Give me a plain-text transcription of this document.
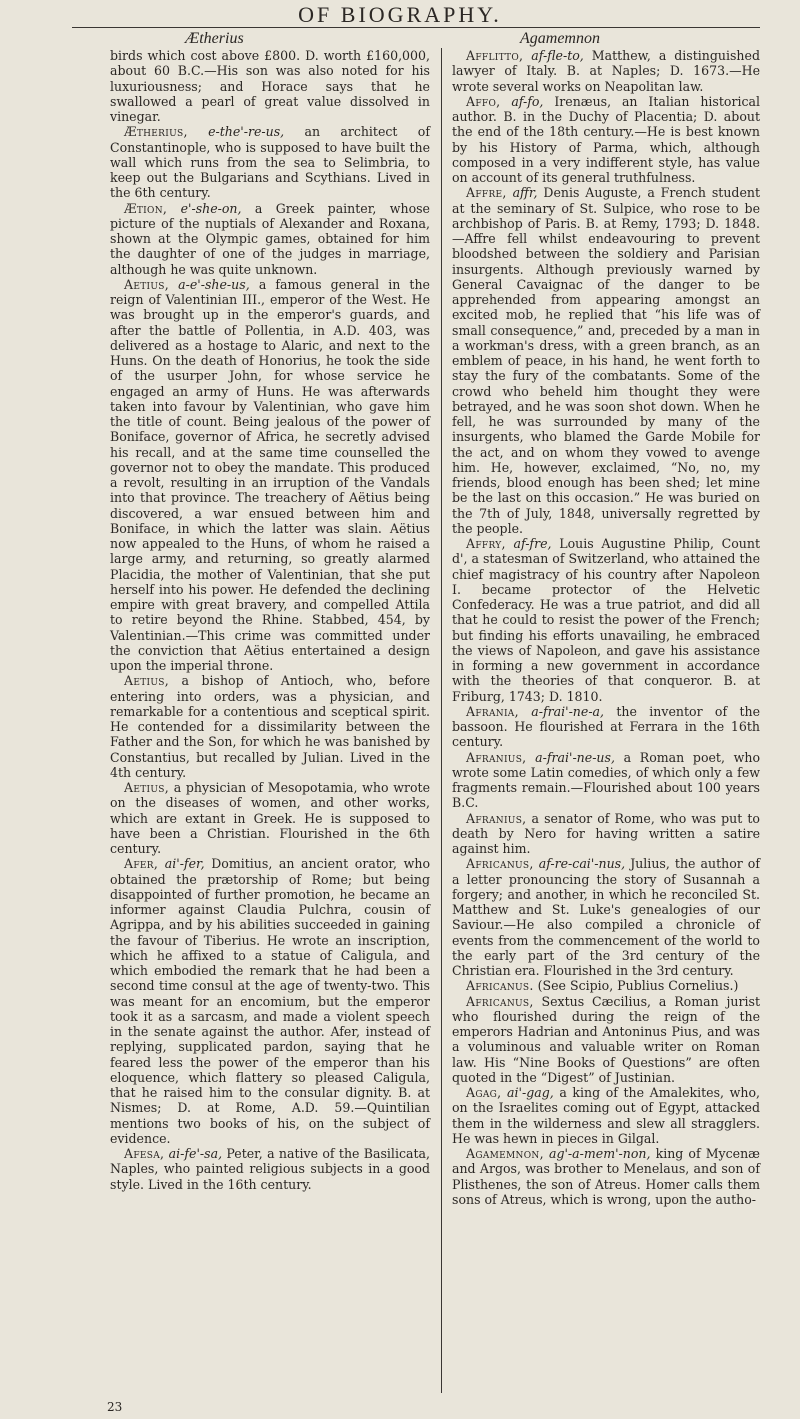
OF BIOGRAPHY.
Ætherius	Agamemnon

birds which cost above £800. D. worth £160,000, about 60 B.C.—His son was also noted for his luxuriousness; and Horace says that he swallowed a pearl of great value dissolved in vinegar.

Ætherius, e-the'-re-us, an architect of Constantinople, who is supposed to have built the wall which runs from the sea to Selimbria, to keep out the Bulgarians and Scythians. Lived in the 6th century.

Ætion, e'-she-on, a Greek painter, whose picture of the nuptials of Alexander and Roxana, shown at the Olympic games, obtained for him the daughter of one of the judges in marriage, although he was quite unknown.

Aetius, a-e'-she-us, a famous general in the reign of Valentinian III., emperor of the West. He was brought up in the emperor's guards, and after the battle of Pollentia, in A.D. 403, was delivered as a hostage to Alaric, and next to the Huns. On the death of Honorius, he took the side of the usurper John, for whose service he engaged an army of Huns. He was afterwards taken into favour by Valentinian, who gave him the title of count. Being jealous of the power of Boniface, governor of Africa, he secretly advised his recall, and at the same time counselled the governor not to obey the mandate. This produced a revolt, resulting in an irruption of the Vandals into that province. The treachery of Aëtius being discovered, a war ensued between him and Boniface, in which the latter was slain. Aëtius now appealed to the Huns, of whom he raised a large army, and returning, so greatly alarmed Placidia, the mother of Valentinian, that she put herself into his power. He defended the declining empire with great bravery, and compelled Attila to retire beyond the Rhine. Stabbed, 454, by Valentinian.—This crime was committed under the conviction that Aëtius entertained a design upon the imperial throne.

Aetius, a bishop of Antioch, who, before entering into orders, was a physician, and remarkable for a contentious and sceptical spirit. He contended for a dissimilarity between the Father and the Son, for which he was banished by Constantius, but recalled by Julian. Lived in the 4th century.

Aetius, a physician of Mesopotamia, who wrote on the diseases of women, and other works, which are extant in Greek. He is supposed to have been a Christian. Flourished in the 6th century.

Afer, ai'-fer, Domitius, an ancient orator, who obtained the prætorship of Rome; but being disappointed of further promotion, he became an informer against Claudia Pulchra, cousin of Agrippa, and by his abilities succeeded in gaining the favour of Tiberius. He wrote an inscription, which he affixed to a statue of Caligula, and which embodied the remark that he had been a second time consul at the age of twenty-two. This was meant for an encomium, but the emperor took it as a sarcasm, and made a violent speech in the senate against the author. Afer, instead of replying, supplicated pardon, saying that he feared less the power of the emperor than his eloquence, which flattery so pleased Caligula, that he raised him to the consular dignity. B. at Nismes; D. at Rome, A.D. 59.—Quintilian mentions two books of his, on the subject of evidence.

Afesa, ai-fe'-sa, Peter, a native of the Basilicata, Naples, who painted religious subjects in a good style. Lived in the 16th century.

Afflitto, af-fle-to, Matthew, a distinguished lawyer of Italy. B. at Naples; D. 1673.—He wrote several works on Neapolitan law.

Affo, af-fo, Irenæus, an Italian historical author. B. in the Duchy of Placentia; D. about the end of the 18th century.—He is best known by his History of Parma, which, although composed in a very indifferent style, has value on account of its general truthfulness.

Affre, affr, Denis Auguste, a French student at the seminary of St. Sulpice, who rose to be archbishop of Paris. B. at Remy, 1793; D. 1848.—Affre fell whilst endeavouring to prevent bloodshed between the soldiery and Parisian insurgents. Although previously warned by General Cavaignac of the danger to be apprehended from appearing amongst an excited mob, he replied that “his life was of small consequence,” and, preceded by a man in a workman's dress, with a green branch, as an emblem of peace, in his hand, he went forth to stay the fury of the combatants. Some of the crowd who beheld him thought they were betrayed, and he was soon shot down. When he fell, he was surrounded by many of the insurgents, who blamed the Garde Mobile for the act, and on whom they vowed to avenge him. He, however, exclaimed, “No, no, my friends, blood enough has been shed; let mine be the last on this occasion.” He was buried on the 7th of July, 1848, universally regretted by the people.

Affry, af-fre, Louis Augustine Philip, Count d', a statesman of Switzerland, who attained the chief magistracy of his country after Napoleon I. became protector of the Helvetic Confederacy. He was a true patriot, and did all that he could to resist the power of the French; but finding his efforts unavailing, he embraced the views of Napoleon, and gave his assistance in forming a new government in accordance with the theories of that conqueror. B. at Friburg, 1743; D. 1810.

Afrania, a-frai'-ne-a, the inventor of the bassoon. He flourished at Ferrara in the 16th century.

Afranius, a-frai'-ne-us, a Roman poet, who wrote some Latin comedies, of which only a few fragments remain.—Flourished about 100 years B.C.

Afranius, a senator of Rome, who was put to death by Nero for having written a satire against him.

Africanus, af-re-cai'-nus, Julius, the author of a letter pronouncing the story of Susannah a forgery; and another, in which he reconciled St. Matthew and St. Luke's genealogies of our Saviour.—He also compiled a chronicle of events from the commencement of the world to the early part of the 3rd century of the Christian era. Flourished in the 3rd century.

Africanus. (See Scipio, Publius Cornelius.)

Africanus, Sextus Cæcilius, a Roman jurist who flourished during the reign of the emperors Hadrian and Antoninus Pius, and was a voluminous and valuable writer on Roman law. His “Nine Books of Questions” are often quoted in the “Digest” of Justinian.

Agag, ai'-gag, a king of the Amalekites, who, on the Israelites coming out of Egypt, attacked them in the wilderness and slew all stragglers. He was hewn in pieces in Gilgal.

Agamemnon, ag'-a-mem'-non, king of Mycenæ and Argos, was brother to Menelaus, and son of Plisthenes, the son of Atreus. Homer calls them sons of Atreus, which is wrong, upon the autho-

23
